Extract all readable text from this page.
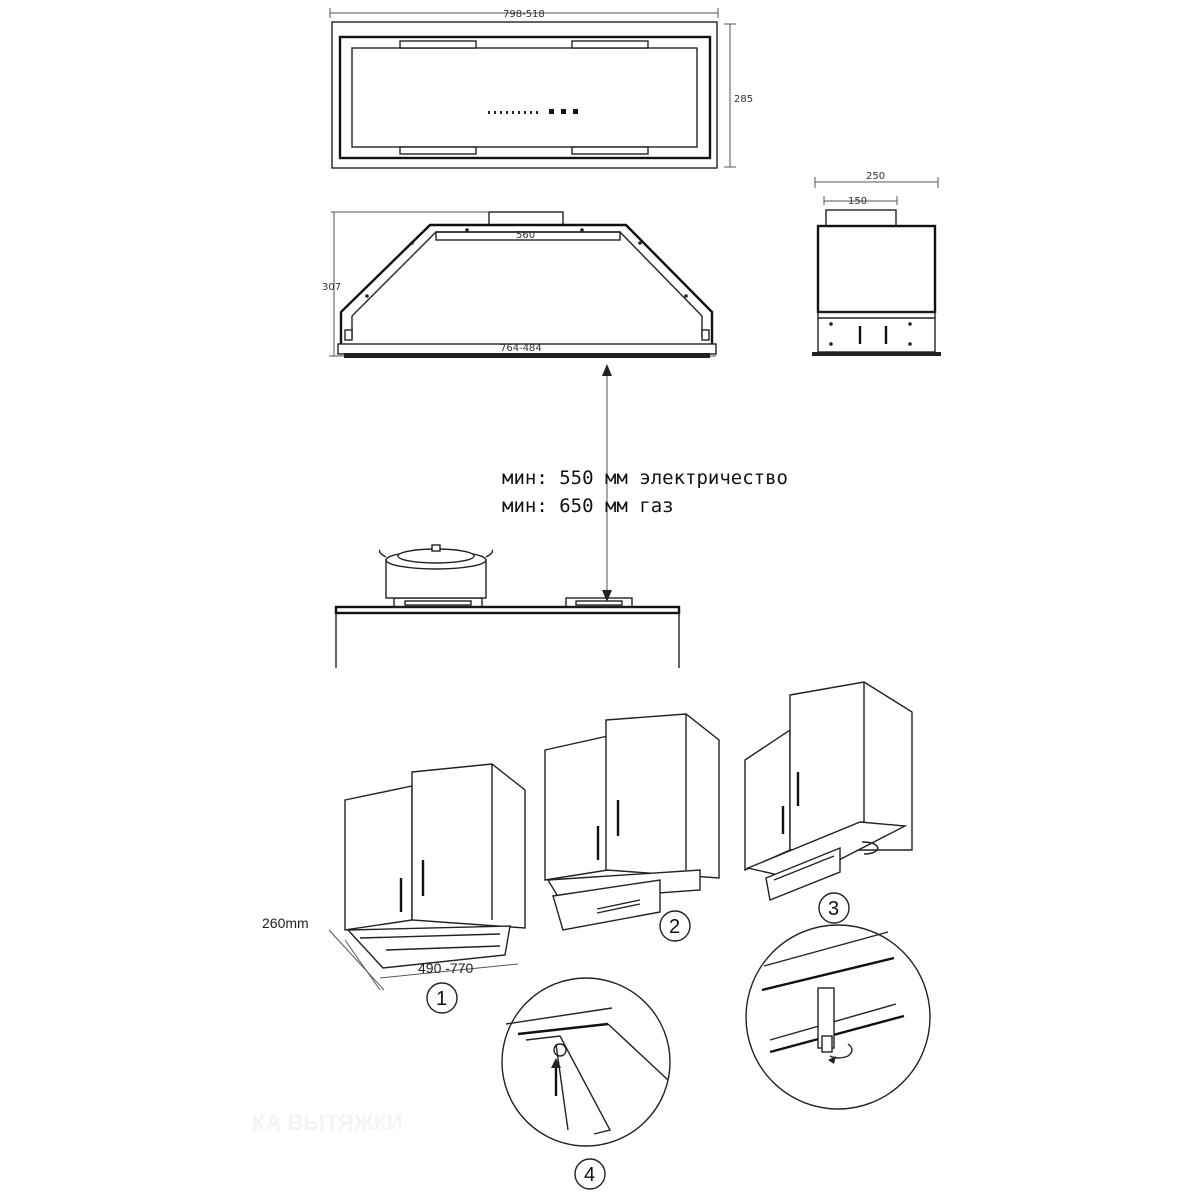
798-518
285
307
560
764-484
250
150
мин: 550 мм электричество
мин: 650 мм газ
260mm
490 -770
1
2
3
4
КА ВЫТЯЖКИ
